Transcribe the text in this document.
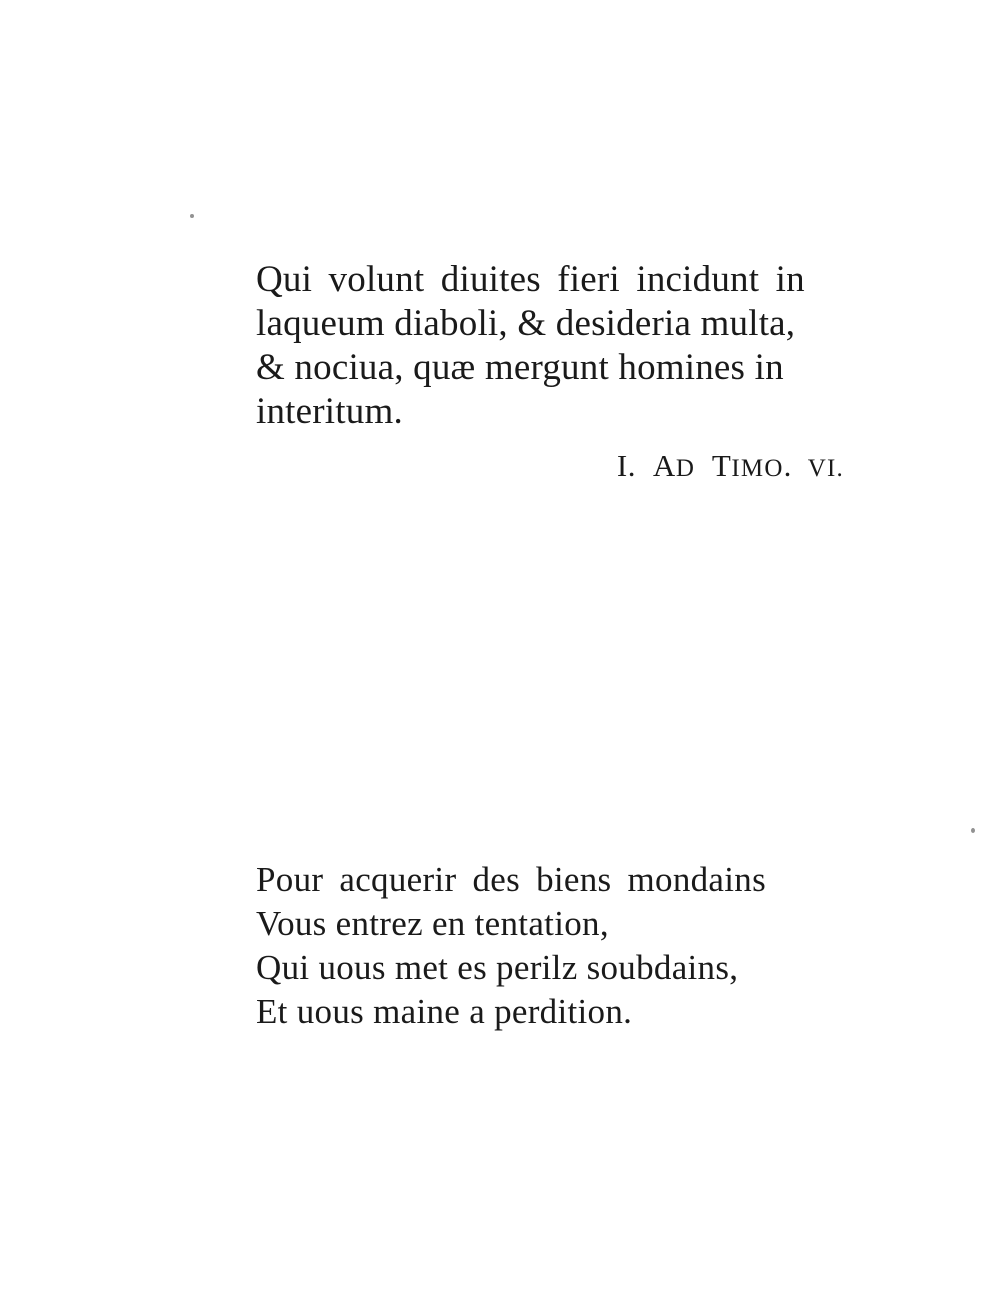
Qui volunt diuites fieri incidunt in
laqueum diaboli, & desideria multa,
& nociua, quæ mergunt homines in
interitum.
I.  AD  TIMO.  VI.
Pour acquerir des biens mondains
Vous entrez en tentation,
Qui uous met es perilz soubdains,
Et uous maine a perdition.
